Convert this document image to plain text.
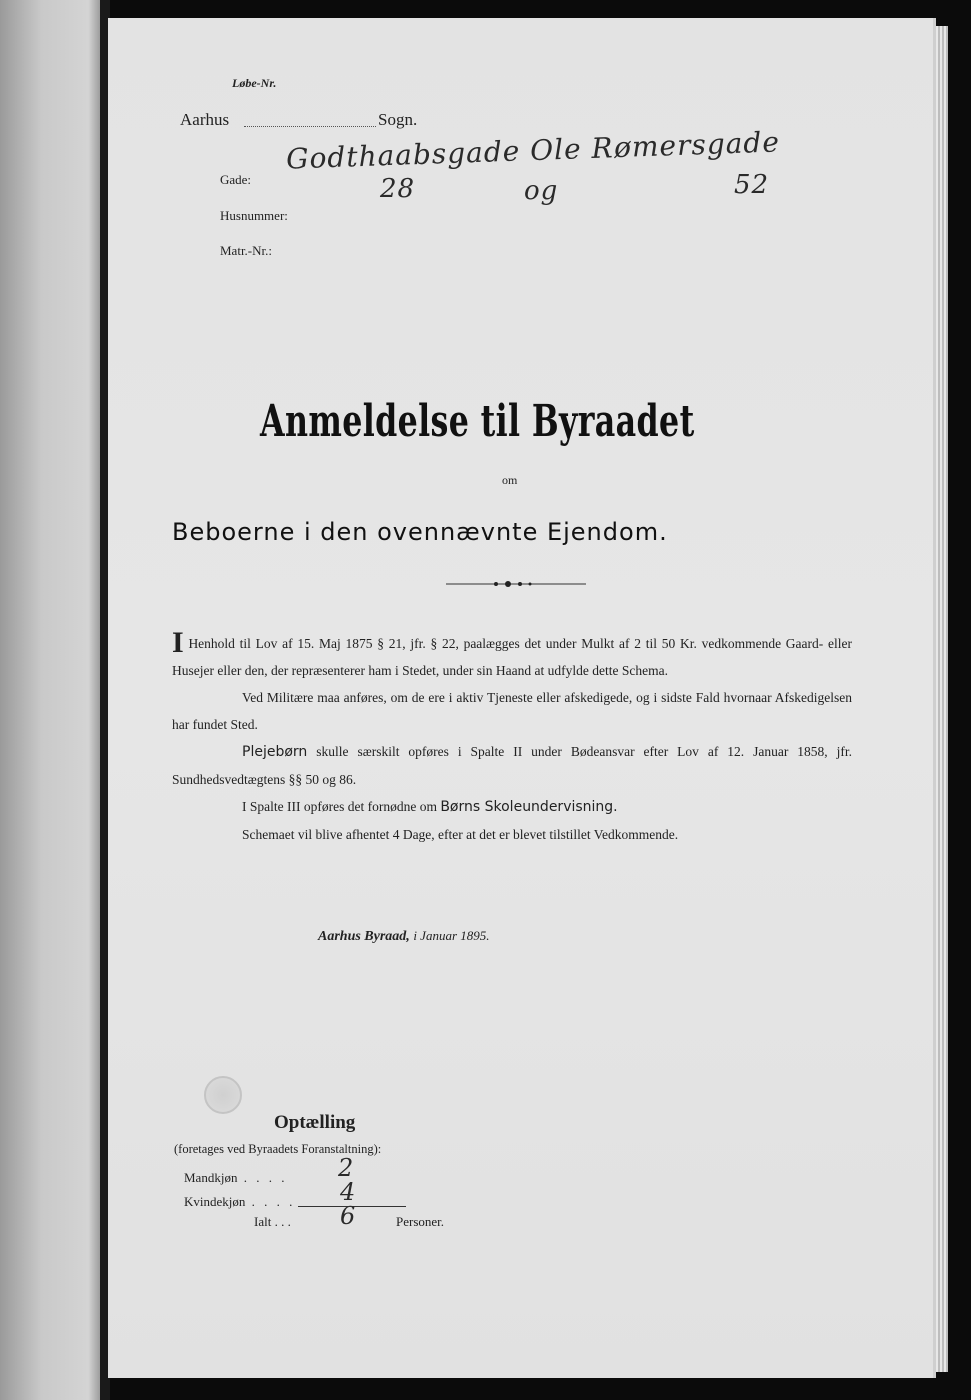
Løbe-Nr.
Aarhus	Sogn.
Gade:
Godthaabsgade Ole Rømersgade
28	og	52
Husnummer:
Matr.-Nr.:
Anmeldelse til Byraadet
om
Beboerne i den ovennævnte Ejendom.
I Henhold til Lov af 15. Maj 1875 § 21, jfr. § 22, paalægges det under Mulkt af 2 til 50 Kr. vedkommende Gaard- eller Husejer eller den, der repræsenterer ham i Stedet, under sin Haand at udfylde dette Schema.
Ved Militære maa anføres, om de ere i aktiv Tjeneste eller afskedigede, og i sidste Fald hvornaar Afskedigelsen har fundet Sted.
Plejebørn skulle særskilt opføres i Spalte II under Bødeansvar efter Lov af 12. Januar 1858, jfr. Sundhedsvedtægtens §§ 50 og 86.
I Spalte III opføres det fornødne om Børns Skoleundervisning.
Schemaet vil blive afhentet 4 Dage, efter at det er blevet tilstillet Vedkommende.
Aarhus Byraad, i Januar 1895.
Optælling
(foretages ved Byraadets Foranstaltning):
Mandkjøn . . . . 2
Kvindekjøn . . . . 4
Ialt . . . 6	Personer.
